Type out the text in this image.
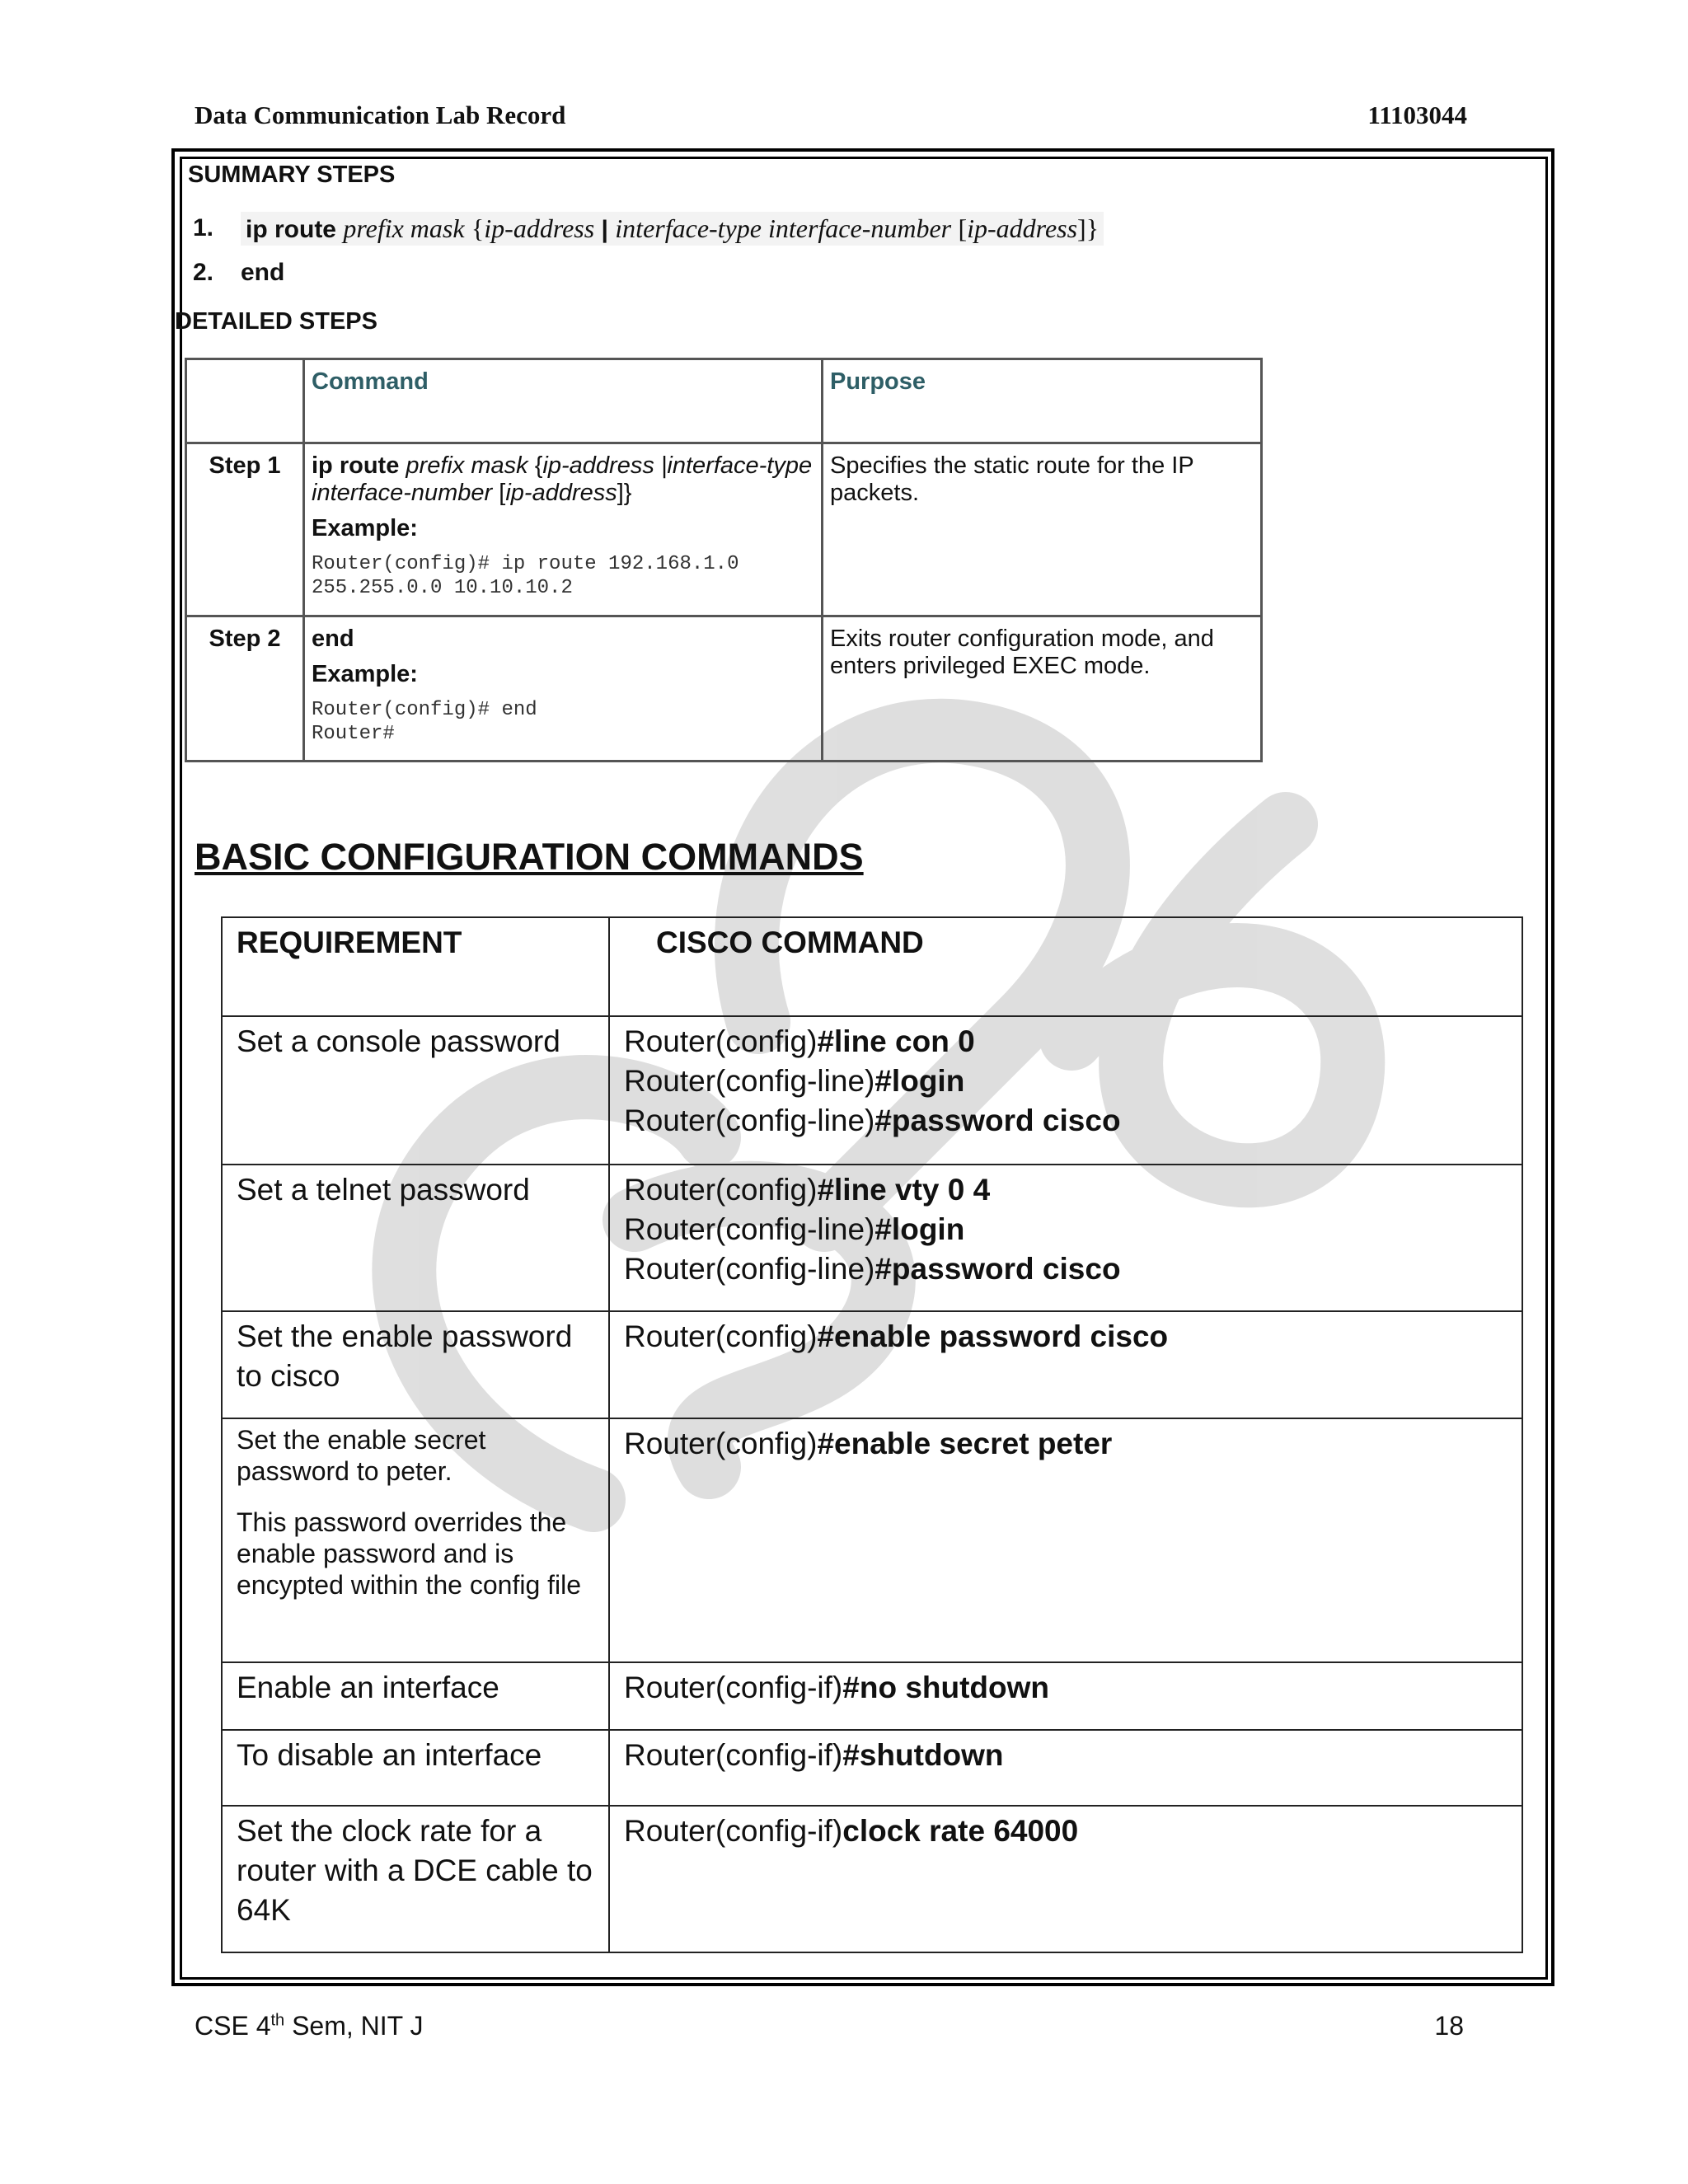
Data Communication Lab Record	11103044
SUMMARY STEPS
1.	ip route prefix mask {ip-address | interface-type interface-number [ip-address]}
2.	end
DETAILED STEPS
	Command	Purpose
Step 1	ip route prefix mask {ip-address |interface-type interface-number [ip-address]}
Example:
Router(config)# ip route 192.168.1.0
255.255.0.0 10.10.10.2	Specifies the static route for the IP packets.
Step 2	end
Example:
Router(config)# end
Router#	Exits router configuration mode, and enters privileged EXEC mode.
BASIC CONFIGURATION COMMANDS
REQUIREMENT	CISCO COMMAND
Set a console password	Router(config)#line con 0
Router(config-line)#login
Router(config-line)#password cisco

Set a telnet password	Router(config)#line vty 0 4
Router(config-line)#login
Router(config-line)#password cisco

Set the enable password to cisco	Router(config)#enable password cisco

Set the enable secret password to peter.
This password overrides the enable password and is encypted within the config file	Router(config)#enable secret peter

Enable an interface	Router(config-if)#no shutdown

To disable an interface	Router(config-if)#shutdown

Set the clock rate for a router with a DCE cable to 64K	Router(config-if)clock rate 64000
CSE 4th Sem, NIT J	18
